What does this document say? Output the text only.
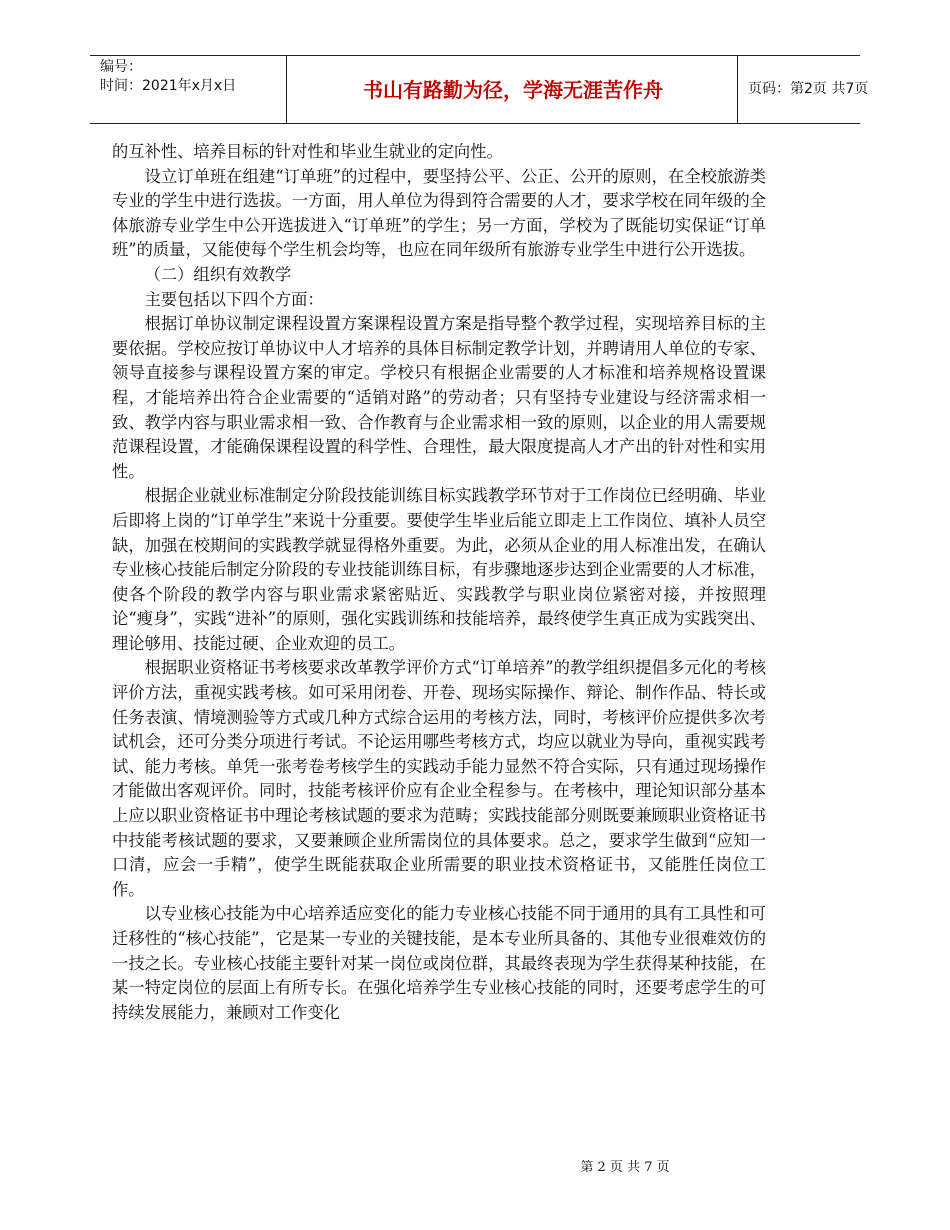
编号：
时间：2021年x月x日	书山有路勤为径，学海无涯苦作舟	页码：第2页 共7页

的互补性、培养目标的针对性和毕业生就业的定向性。

设立订单班在组建“订单班”的过程中，要坚持公平、公正、公开的原则，在全校旅游类专业的学生中进行选拔。一方面，用人单位为得到符合需要的人才，要求学校在同年级的全体旅游专业学生中公开选拔进入“订单班”的学生；另一方面，学校为了既能切实保证“订单班”的质量，又能使每个学生机会均等，也应在同年级所有旅游专业学生中进行公开选拔。

（二）组织有效教学

主要包括以下四个方面：

根据订单协议制定课程设置方案课程设置方案是指导整个教学过程，实现培养目标的主要依据。学校应按订单协议中人才培养的具体目标制定教学计划，并聘请用人单位的专家、领导直接参与课程设置方案的审定。学校只有根据企业需要的人才标准和培养规格设置课程，才能培养出符合企业需要的“适销对路”的劳动者；只有坚持专业建设与经济需求相一致、教学内容与职业需求相一致、合作教育与企业需求相一致的原则，以企业的用人需要规范课程设置，才能确保课程设置的科学性、合理性，最大限度提高人才产出的针对性和实用性。

根据企业就业标准制定分阶段技能训练目标实践教学环节对于工作岗位已经明确、毕业后即将上岗的“订单学生”来说十分重要。要使学生毕业后能立即走上工作岗位、填补人员空缺，加强在校期间的实践教学就显得格外重要。为此，必须从企业的用人标准出发，在确认专业核心技能后制定分阶段的专业技能训练目标，有步骤地逐步达到企业需要的人才标准，使各个阶段的教学内容与职业需求紧密贴近、实践教学与职业岗位紧密对接，并按照理论“瘦身”，实践“进补”的原则，强化实践训练和技能培养，最终使学生真正成为实践突出、理论够用、技能过硬、企业欢迎的员工。

根据职业资格证书考核要求改革教学评价方式“订单培养”的教学组织提倡多元化的考核评价方法，重视实践考核。如可采用闭卷、开卷、现场实际操作、辩论、制作作品、特长或任务表演、情境测验等方式或几种方式综合运用的考核方法，同时，考核评价应提供多次考试机会，还可分类分项进行考试。不论运用哪些考核方式，均应以就业为导向，重视实践考试、能力考核。单凭一张考卷考核学生的实践动手能力显然不符合实际，只有通过现场操作才能做出客观评价。同时，技能考核评价应有企业全程参与。在考核中，理论知识部分基本上应以职业资格证书中理论考核试题的要求为范畴；实践技能部分则既要兼顾职业资格证书中技能考核试题的要求，又要兼顾企业所需岗位的具体要求。总之，要求学生做到“应知一口清，应会一手精”，使学生既能获取企业所需要的职业技术资格证书，又能胜任岗位工作。

以专业核心技能为中心培养适应变化的能力专业核心技能不同于通用的具有工具性和可迁移性的“核心技能”，它是某一专业的关键技能，是本专业所具备的、其他专业很难效仿的一技之长。专业核心技能主要针对某一岗位或岗位群，其最终表现为学生获得某种技能，在某一特定岗位的层面上有所专长。在强化培养学生专业核心技能的同时，还要考虑学生的可持续发展能力，兼顾对工作变化

第 2 页 共 7 页
